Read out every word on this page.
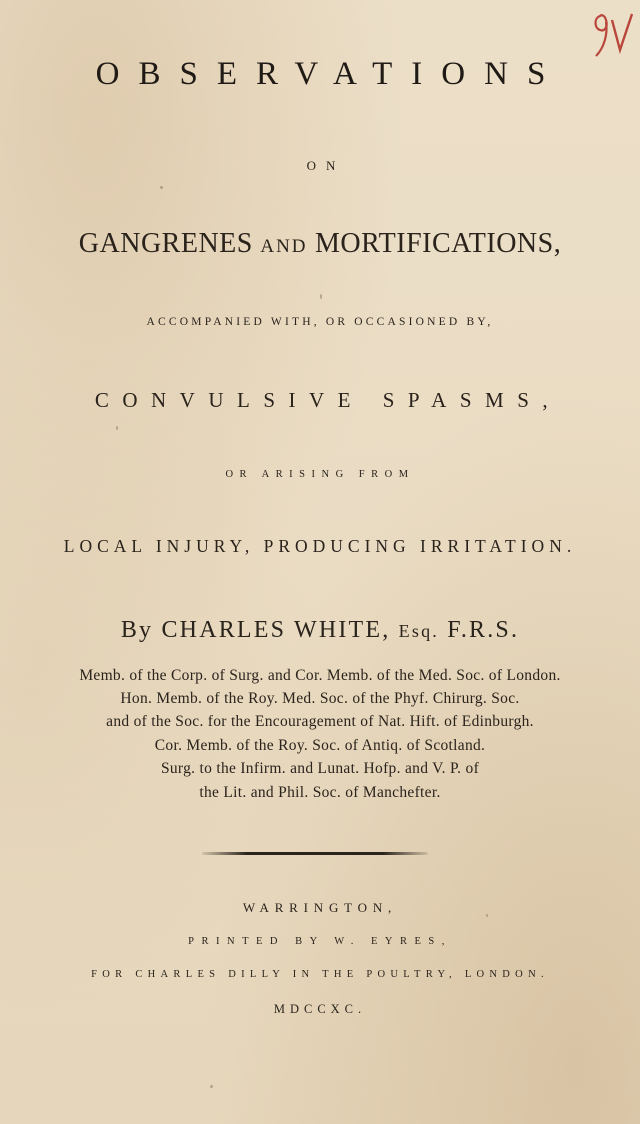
OBSERVATIONS
ON
GANGRENES AND MORTIFICATIONS,
ACCOMPANIED WITH, OR OCCASIONED BY,
CONVULSIVE SPASMS,
OR ARISING FROM
LOCAL INJURY, PRODUCING IRRITATION.
By CHARLES WHITE, Esq. F.R.S.
Memb. of the Corp. of Surg. and Cor. Memb. of the Med. Soc. of London.
Hon. Memb. of the Roy. Med. Soc. of the Phyf. Chirurg. Soc.
and of the Soc. for the Encouragement of Nat. Hift. of Edinburgh.
Cor. Memb. of the Roy. Soc. of Antiq. of Scotland.
Surg. to the Infirm. and Lunat. Hofp. and V. P. of
the Lit. and Phil. Soc. of Manchefter.
WARRINGTON,
PRINTED BY W. EYRES,
FOR CHARLES DILLY IN THE POULTRY, LONDON.
MDCCXC.
